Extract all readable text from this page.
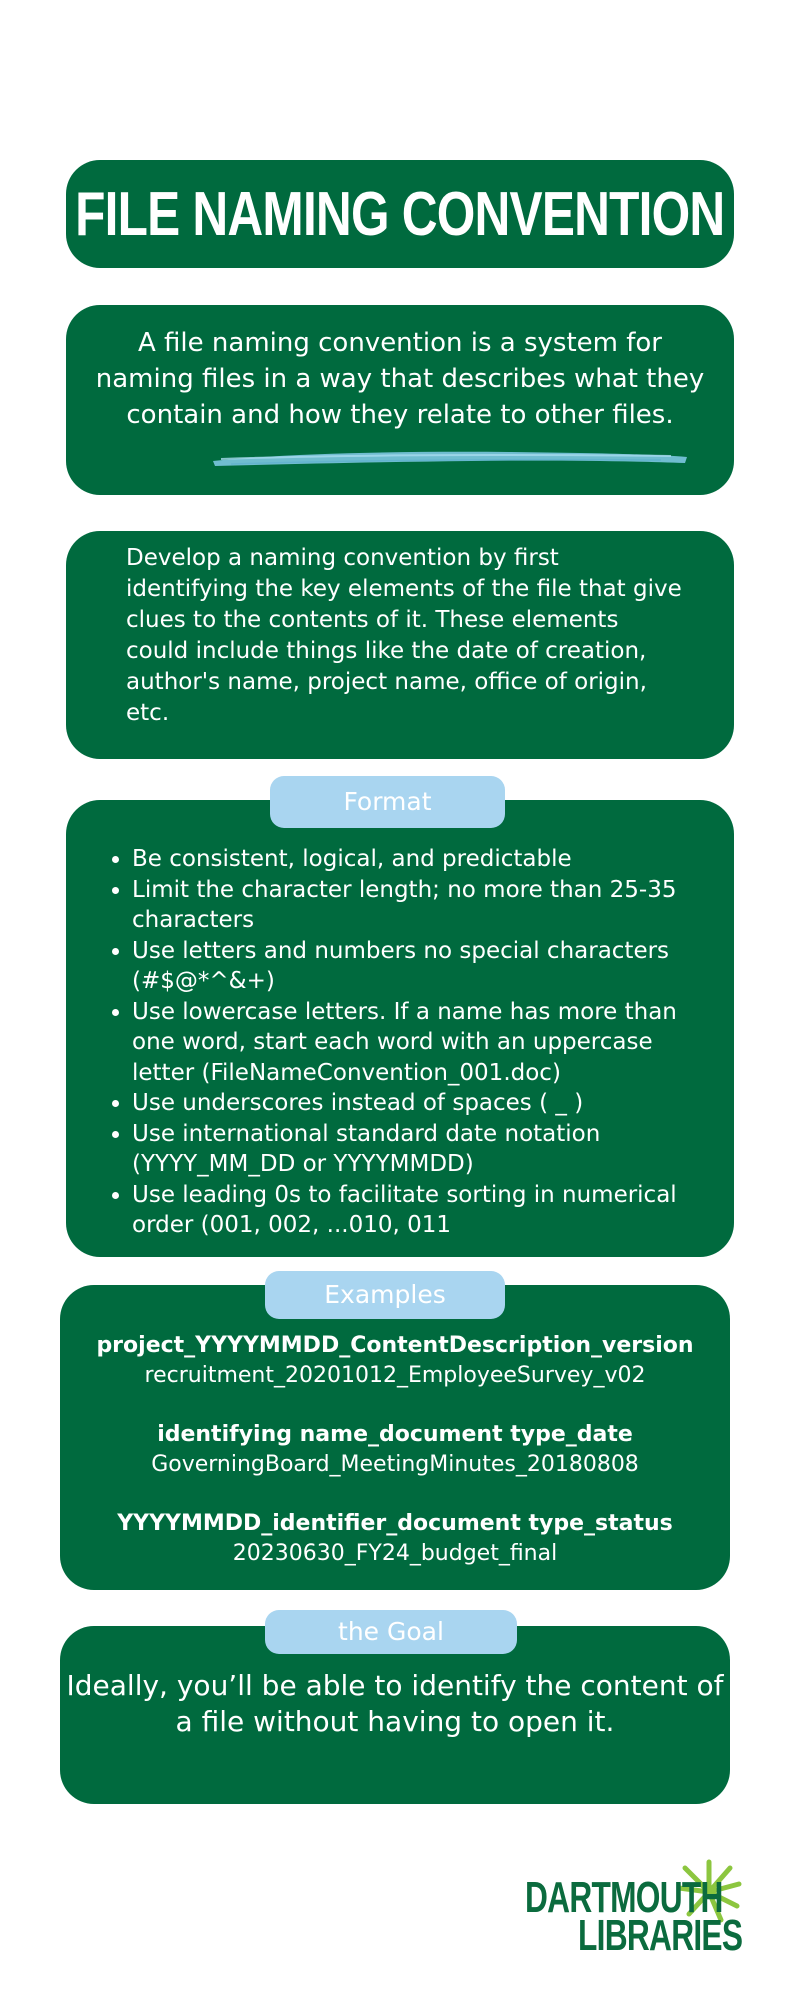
FILE NAMING CONVENTION
A file naming convention is a system for naming files in a way that describes what they contain and how they relate to other files.
Develop a naming convention by first identifying the key elements of the file that give clues to the contents of it. These elements could include things like the date of creation, author's name, project name, office of origin, etc.
• Be consistent, logical, and predictable
• Limit the character length; no more than 25-35 characters
• Use letters and numbers no special characters (#$@*^&+)
• Use lowercase letters. If a name has more than one word, start each word with an uppercase letter (FileNameConvention_001.doc)
• Use underscores instead of spaces ( _ )
• Use international standard date notation (YYYY_MM_DD or YYYYMMDD)
• Use leading 0s to facilitate sorting in numerical order (001, 002, ...010, 011
Format
project_YYYYMMDD_ContentDescription_version
recruitment_20201012_EmployeeSurvey_v02
identifying name_document type_date
GoverningBoard_MeetingMinutes_20180808
YYYYMMDD_identifier_document type_status
20230630_FY24_budget_final
Examples
Ideally, you’ll be able to identify the content of a file without having to open it.
the Goal
DARTMOUTH
LIBRARIES
